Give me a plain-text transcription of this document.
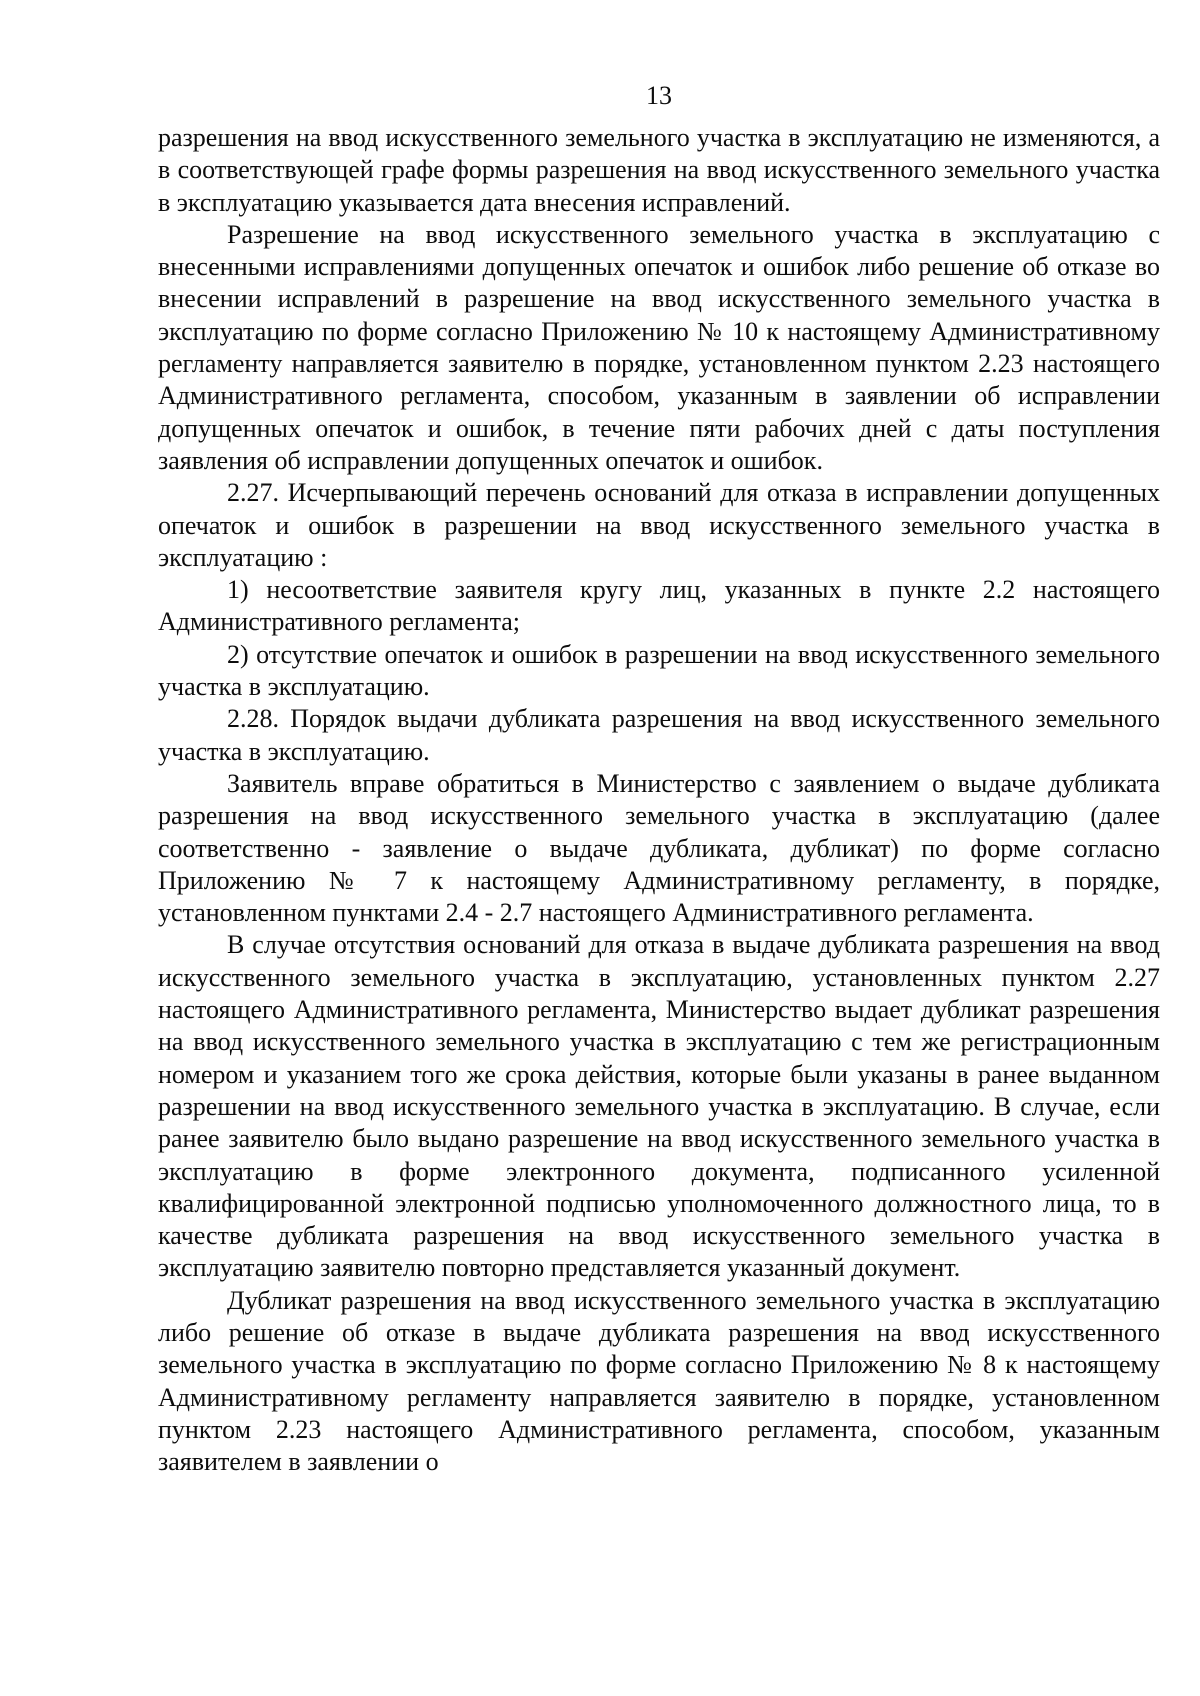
13

разрешения на ввод искусственного земельного участка в эксплуатацию не изменяются, а в соответствующей графе формы разрешения на ввод искусственного земельного участка в эксплуатацию указывается дата внесения исправлений.

Разрешение на ввод искусственного земельного участка в эксплуатацию с внесенными исправлениями допущенных опечаток и ошибок либо решение об отказе во внесении исправлений в разрешение на ввод искусственного земельного участка в эксплуатацию по форме согласно Приложению № 10 к настоящему Административному регламенту направляется заявителю в порядке, установленном пунктом 2.23 настоящего Административного регламента, способом, указанным в заявлении об исправлении допущенных опечаток и ошибок, в течение пяти рабочих дней с даты поступления заявления об исправлении допущенных опечаток и ошибок.

2.27. Исчерпывающий перечень оснований для отказа в исправлении допущенных опечаток и ошибок в разрешении на ввод искусственного земельного участка в эксплуатацию :

1) несоответствие заявителя кругу лиц, указанных в пункте 2.2 настоящего Административного регламента;

2) отсутствие опечаток и ошибок в разрешении на ввод искусственного земельного участка в эксплуатацию.

2.28. Порядок выдачи дубликата разрешения на ввод искусственного земельного участка в эксплуатацию.

Заявитель вправе обратиться в Министерство с заявлением о выдаче дубликата разрешения на ввод искусственного земельного участка в эксплуатацию (далее соответственно - заявление о выдаче дубликата, дубликат) по форме согласно Приложению № 7 к настоящему Административному регламенту, в порядке, установленном пунктами 2.4 - 2.7 настоящего Административного регламента.

В случае отсутствия оснований для отказа в выдаче дубликата разрешения на ввод искусственного земельного участка в эксплуатацию, установленных пунктом 2.27 настоящего Административного регламента, Министерство выдает дубликат разрешения на ввод искусственного земельного участка в эксплуатацию с тем же регистрационным номером и указанием того же срока действия, которые были указаны в ранее выданном разрешении на ввод искусственного земельного участка в эксплуатацию. В случае, если ранее заявителю было выдано разрешение на ввод искусственного земельного участка в эксплуатацию в форме электронного документа, подписанного усиленной квалифицированной электронной подписью уполномоченного должностного лица, то в качестве дубликата разрешения на ввод искусственного земельного участка в эксплуатацию заявителю повторно представляется указанный документ.

Дубликат разрешения на ввод искусственного земельного участка в эксплуатацию либо решение об отказе в выдаче дубликата разрешения на ввод искусственного земельного участка в эксплуатацию по форме согласно Приложению № 8 к настоящему Административному регламенту направляется заявителю в порядке, установленном пунктом 2.23 настоящего Административного регламента, способом, указанным заявителем в заявлении о
